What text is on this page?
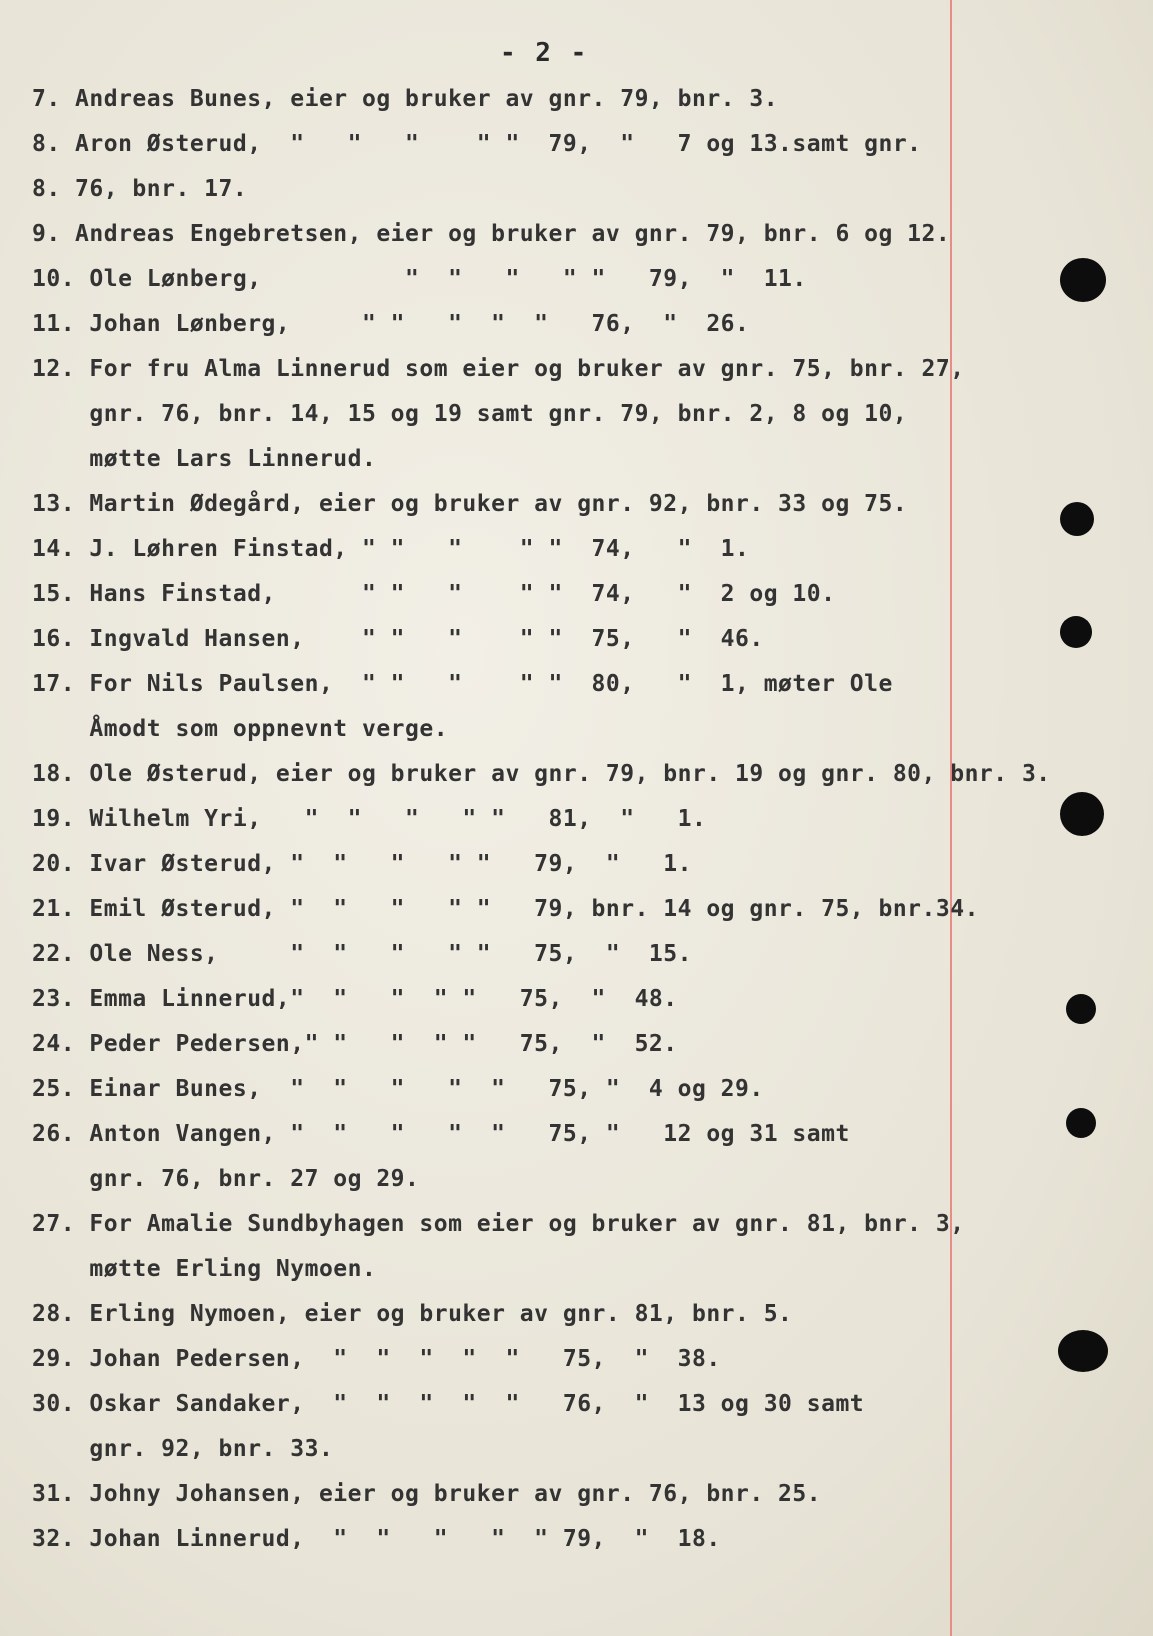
- 2 -
7. Andreas Bunes, eier og bruker av gnr. 79, bnr. 3.
8. Aron Østerud,  "   "   "    " "  79,  "   7 og 13.samt gnr.
8. 76, bnr. 17.
9. Andreas Engebretsen, eier og bruker av gnr. 79, bnr. 6 og 12.
10. Ole Lønberg,          "  "   "   " "   79,  "  11.
11. Johan Lønberg,     " "   "  "  "   76,  "  26.
12. For fru Alma Linnerud som eier og bruker av gnr. 75, bnr. 27,
gnr. 76, bnr. 14, 15 og 19 samt gnr. 79, bnr. 2, 8 og 10,
møtte Lars Linnerud.
13. Martin Ødegård, eier og bruker av gnr. 92, bnr. 33 og 75.
14. J. Løhren Finstad, " "   "    " "  74,   "  1.
15. Hans Finstad,      " "   "    " "  74,   "  2 og 10.
16. Ingvald Hansen,    " "   "    " "  75,   "  46.
17. For Nils Paulsen,  " "   "    " "  80,   "  1, møter Ole
Åmodt som oppnevnt verge.
18. Ole Østerud, eier og bruker av gnr. 79, bnr. 19 og gnr. 80, bnr. 3.
19. Wilhelm Yri,   "  "   "   " "   81,  "   1.
20. Ivar Østerud, "  "   "   " "   79,  "   1.
21. Emil Østerud, "  "   "   " "   79, bnr. 14 og gnr. 75, bnr.34.
22. Ole Ness,     "  "   "   " "   75,  "  15.
23. Emma Linnerud,"  "   "  " "   75,  "  48.
24. Peder Pedersen," "   "  " "   75,  "  52.
25. Einar Bunes,  "  "   "   "  "   75, "  4 og 29.
26. Anton Vangen, "  "   "   "  "   75, "   12 og 31 samt
gnr. 76, bnr. 27 og 29.
27. For Amalie Sundbyhagen som eier og bruker av gnr. 81, bnr. 3,
møtte Erling Nymoen.
28. Erling Nymoen, eier og bruker av gnr. 81, bnr. 5.
29. Johan Pedersen,  "  "  "  "  "   75,  "  38.
30. Oskar Sandaker,  "  "  "  "  "   76,  "  13 og 30 samt
gnr. 92, bnr. 33.
31. Johny Johansen, eier og bruker av gnr. 76, bnr. 25.
32. Johan Linnerud,  "  "   "   "  " 79,  "  18.
